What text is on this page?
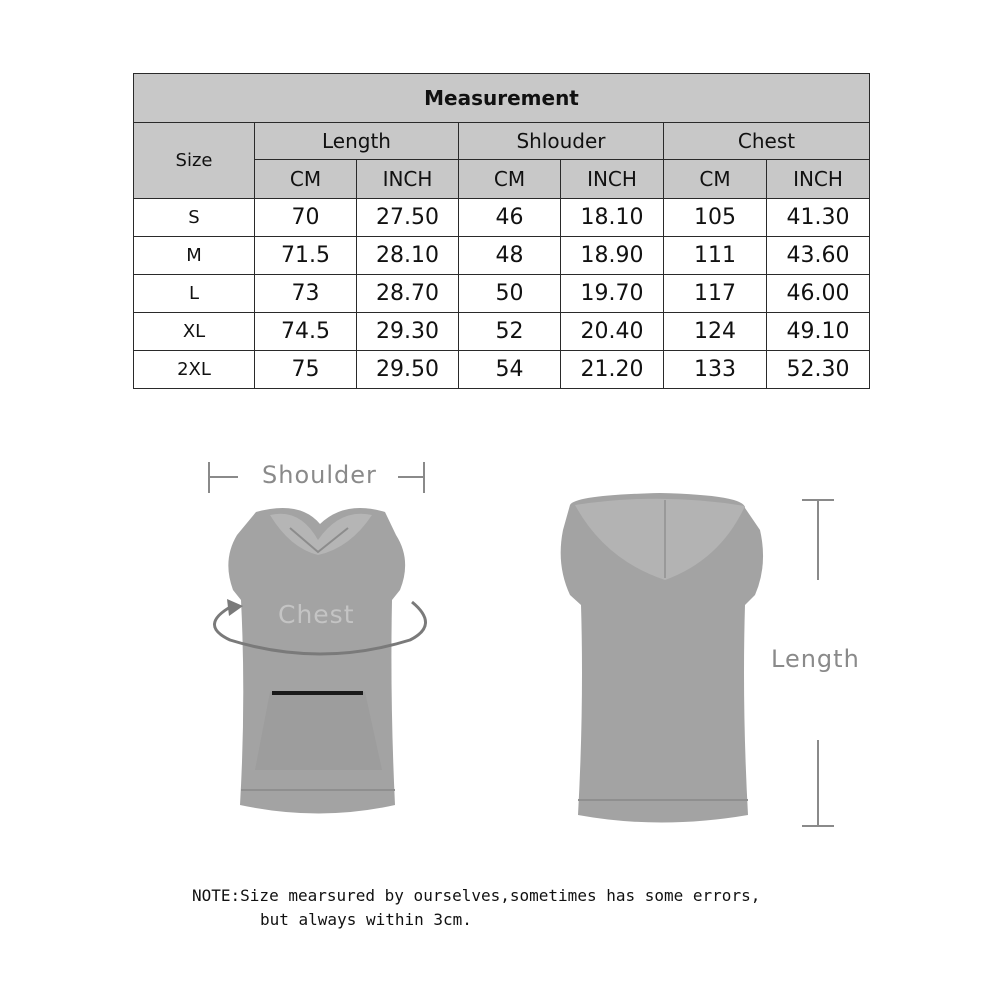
Measurement						
Size	Length		Shlouder		Chest	
	CM	INCH	CM	INCH	CM	INCH
S	70	27.50	46	18.10	105	41.30
M	71.5	28.10	48	18.90	111	43.60
L	73	28.70	50	19.70	117	46.00
XL	74.5	29.30	52	20.40	124	49.10
2XL	75	29.50	54	21.20	133	52.30
Shoulder
Chest
Length
NOTE:Size mearsured by ourselves,sometimes has some errors,
but always within 3cm.
